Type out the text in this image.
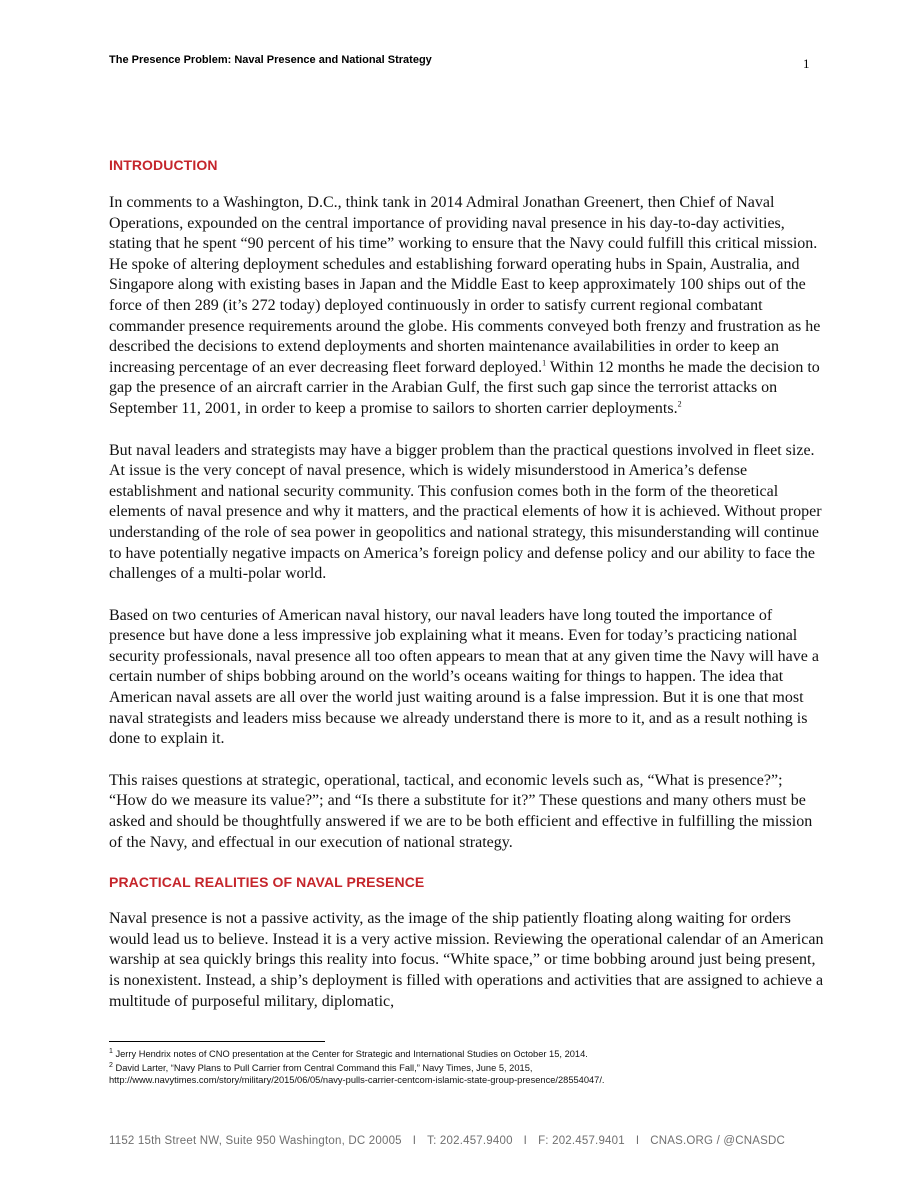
The Presence Problem: Naval Presence and National Strategy	1
INTRODUCTION

In comments to a Washington, D.C., think tank in 2014 Admiral Jonathan Greenert, then Chief of Naval Operations, expounded on the central importance of providing naval presence in his day-to-day activities, stating that he spent “90 percent of his time” working to ensure that the Navy could fulfill this critical mission. He spoke of altering deployment schedules and establishing forward operating hubs in Spain, Australia, and Singapore along with existing bases in Japan and the Middle East to keep approximately 100 ships out of the force of then 289 (it’s 272 today) deployed continuously in order to satisfy current regional combatant commander presence requirements around the globe. His comments conveyed both frenzy and frustration as he described the decisions to extend deployments and shorten maintenance availabilities in order to keep an increasing percentage of an ever decreasing fleet forward deployed.$^1$ Within 12 months he made the decision to gap the presence of an aircraft carrier in the Arabian Gulf, the first such gap since the terrorist attacks on September 11, 2001, in order to keep a promise to sailors to shorten carrier deployments.$^2$

But naval leaders and strategists may have a bigger problem than the practical questions involved in fleet size. At issue is the very concept of naval presence, which is widely misunderstood in America’s defense establishment and national security community. This confusion comes both in the form of the theoretical elements of naval presence and why it matters, and the practical elements of how it is achieved. Without proper understanding of the role of sea power in geopolitics and national strategy, this misunderstanding will continue to have potentially negative impacts on America’s foreign policy and defense policy and our ability to face the challenges of a multi-polar world.

Based on two centuries of American naval history, our naval leaders have long touted the importance of presence but have done a less impressive job explaining what it means. Even for today’s practicing national security professionals, naval presence all too often appears to mean that at any given time the Navy will have a certain number of ships bobbing around on the world’s oceans waiting for things to happen. The idea that American naval assets are all over the world just waiting around is a false impression. But it is one that most naval strategists and leaders miss because we already understand there is more to it, and as a result nothing is done to explain it.

This raises questions at strategic, operational, tactical, and economic levels such as, “What is presence?”; “How do we measure its value?”; and “Is there a substitute for it?” These questions and many others must be asked and should be thoughtfully answered if we are to be both efficient and effective in fulfilling the mission of the Navy, and effectual in our execution of national strategy.

PRACTICAL REALITIES OF NAVAL PRESENCE

Naval presence is not a passive activity, as the image of the ship patiently floating along waiting for orders would lead us to believe. Instead it is a very active mission. Reviewing the operational calendar of an American warship at sea quickly brings this reality into focus. “White space,” or time bobbing around just being present, is nonexistent. Instead, a ship’s deployment is filled with operations and activities that are assigned to achieve a multitude of purposeful military, diplomatic,

$^1$ Jerry Hendrix notes of CNO presentation at the Center for Strategic and International Studies on October 15, 2014.

$^2$ David Larter, “Navy Plans to Pull Carrier from Central Command this Fall,” Navy Times, June 5, 2015,

http://www.navytimes.com/story/military/2015/06/05/navy-pulls-carrier-centcom-islamic-state-group-presence/28554047/.

1152 15th Street NW, Suite 950 Washington, DC 20005 I T: 202.457.9400 I F: 202.457.9401 I CNAS.ORG / @CNASDC
